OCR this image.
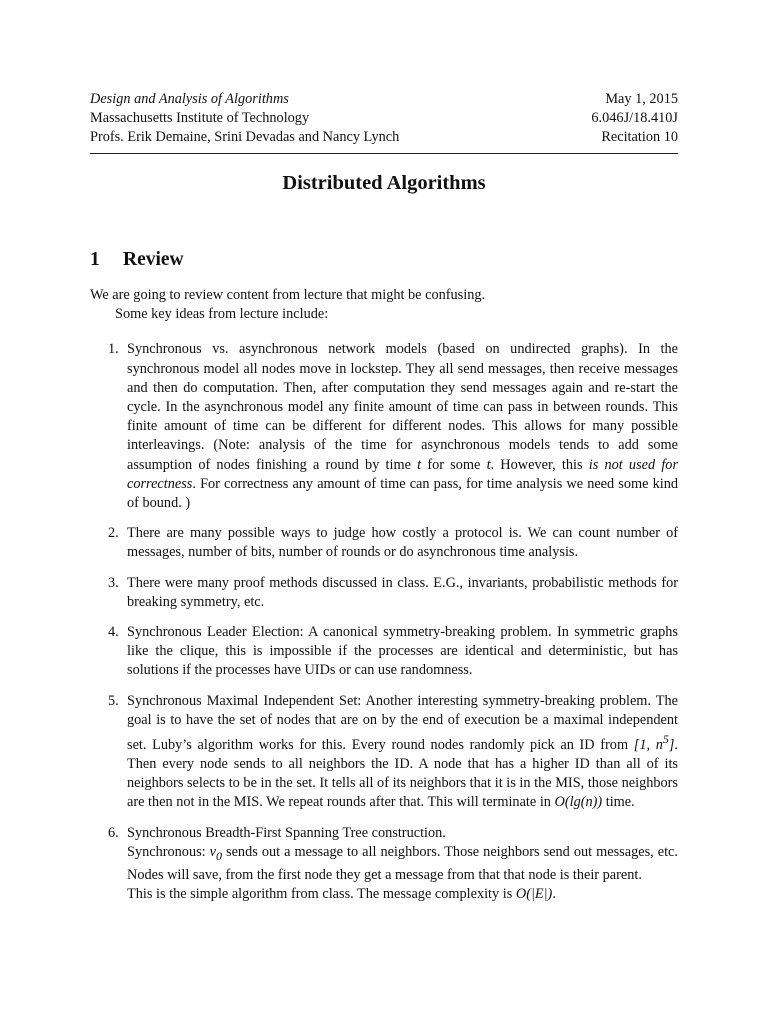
Design and Analysis of Algorithms
Massachusetts Institute of Technology
Profs. Erik Demaine, Srini Devadas and Nancy Lynch
May 1, 2015
6.046J/18.410J
Recitation 10
Distributed Algorithms
1 Review

We are going to review content from lecture that might be confusing.

Some key ideas from lecture include:

1. Synchronous vs. asynchronous network models (based on undirected graphs). In the synchronous model all nodes move in lockstep. They all send messages, then receive messages and then do computation. Then, after computation they send messages again and re-start the cycle. In the asynchronous model any finite amount of time can pass in between rounds. This finite amount of time can be different for different nodes. This allows for many possible interleavings. (Note: analysis of the time for asynchronous models tends to add some assumption of nodes finishing a round by time t for some t. However, this is not used for correctness. For correctness any amount of time can pass, for time analysis we need some kind of bound. )
2. There are many possible ways to judge how costly a protocol is. We can count number of messages, number of bits, number of rounds or do asynchronous time analysis.
3. There were many proof methods discussed in class. E.G., invariants, probabilistic methods for breaking symmetry, etc.
4. Synchronous Leader Election: A canonical symmetry-breaking problem. In symmetric graphs like the clique, this is impossible if the processes are identical and deterministic, but has solutions if the processes have UIDs or can use randomness.
5. Synchronous Maximal Independent Set: Another interesting symmetry-breaking problem. The goal is to have the set of nodes that are on by the end of execution be a maximal independent set. Luby’s algorithm works for this. Every round nodes randomly pick an ID from [1, $n^5$]. Then every node sends to all neighbors the ID. A node that has a higher ID than all of its neighbors selects to be in the set. It tells all of its neighbors that it is in the MIS, those neighbors are then not in the MIS. We repeat rounds after that. This will terminate in O(lg(n)) time.
6. Synchronous Breadth-First Spanning Tree construction.
Synchronous: $v_0$ sends out a message to all neighbors. Those neighbors send out messages, etc. Nodes will save, from the first node they get a message from that that node is their parent.
This is the simple algorithm from class. The message complexity is O(|E|).
